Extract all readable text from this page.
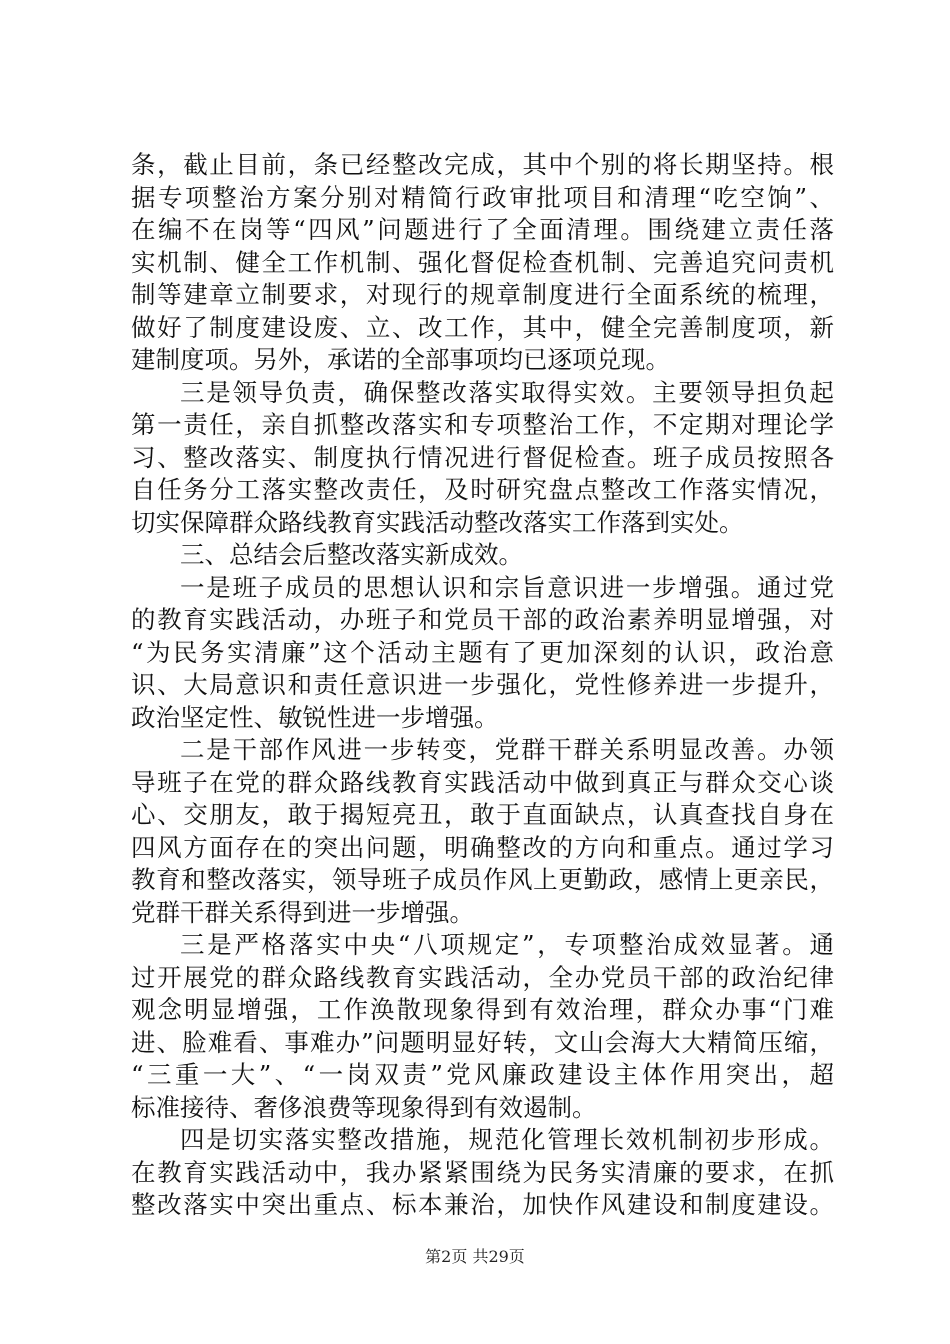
条，截止目前，条已经整改完成，其中个别的将长期坚持。根
据专项整治方案分别对精简行政审批项目和清理“吃空饷”、
在编不在岗等“四风”问题进行了全面清理。围绕建立责任落
实机制、健全工作机制、强化督促检查机制、完善追究问责机
制等建章立制要求，对现行的规章制度进行全面系统的梳理，
做好了制度建设废、立、改工作，其中，健全完善制度项，新
建制度项。另外，承诺的全部事项均已逐项兑现。
三是领导负责，确保整改落实取得实效。主要领导担负起
第一责任，亲自抓整改落实和专项整治工作，不定期对理论学
习、整改落实、制度执行情况进行督促检查。班子成员按照各
自任务分工落实整改责任，及时研究盘点整改工作落实情况，
切实保障群众路线教育实践活动整改落实工作落到实处。
三、总结会后整改落实新成效。
一是班子成员的思想认识和宗旨意识进一步增强。通过党
的教育实践活动，办班子和党员干部的政治素养明显增强，对
“为民务实清廉”这个活动主题有了更加深刻的认识，政治意
识、大局意识和责任意识进一步强化，党性修养进一步提升，
政治坚定性、敏锐性进一步增强。
二是干部作风进一步转变，党群干群关系明显改善。办领
导班子在党的群众路线教育实践活动中做到真正与群众交心谈
心、交朋友，敢于揭短亮丑，敢于直面缺点，认真查找自身在
四风方面存在的突出问题，明确整改的方向和重点。通过学习
教育和整改落实，领导班子成员作风上更勤政，感情上更亲民，
党群干群关系得到进一步增强。
三是严格落实中央“八项规定”，专项整治成效显著。通
过开展党的群众路线教育实践活动，全办党员干部的政治纪律
观念明显增强，工作涣散现象得到有效治理，群众办事“门难
进、脸难看、事难办”问题明显好转，文山会海大大精简压缩，
“三重一大”、“一岗双责”党风廉政建设主体作用突出，超
标准接待、奢侈浪费等现象得到有效遏制。
四是切实落实整改措施，规范化管理长效机制初步形成。
在教育实践活动中，我办紧紧围绕为民务实清廉的要求，在抓
整改落实中突出重点、标本兼治，加快作风建设和制度建设。
第2页 共29页
